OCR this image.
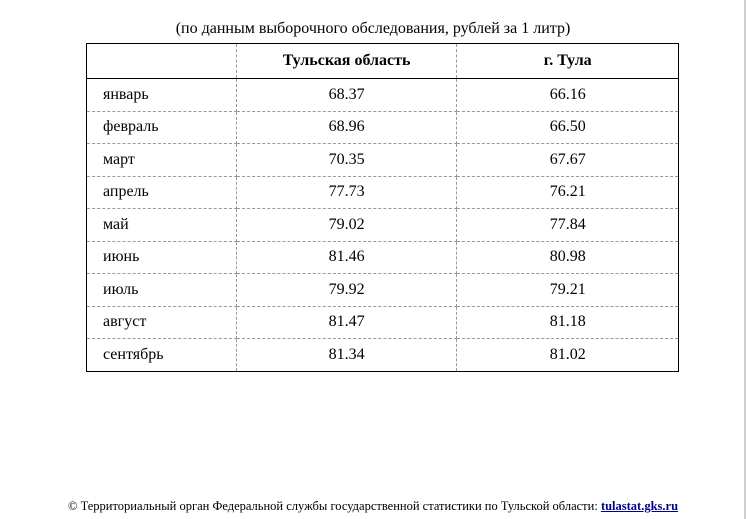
(по данным выборочного обследования, рублей за 1 литр)
	Тульская область	г. Тула
январь	68.37	66.16
февраль	68.96	66.50
март	70.35	67.67
апрель	77.73	76.21
май	79.02	77.84
июнь	81.46	80.98
июль	79.92	79.21
август	81.47	81.18
сентябрь	81.34	81.02
© Территориальный орган Федеральной службы государственной статистики по Тульской области: tulastat.gks.ru
